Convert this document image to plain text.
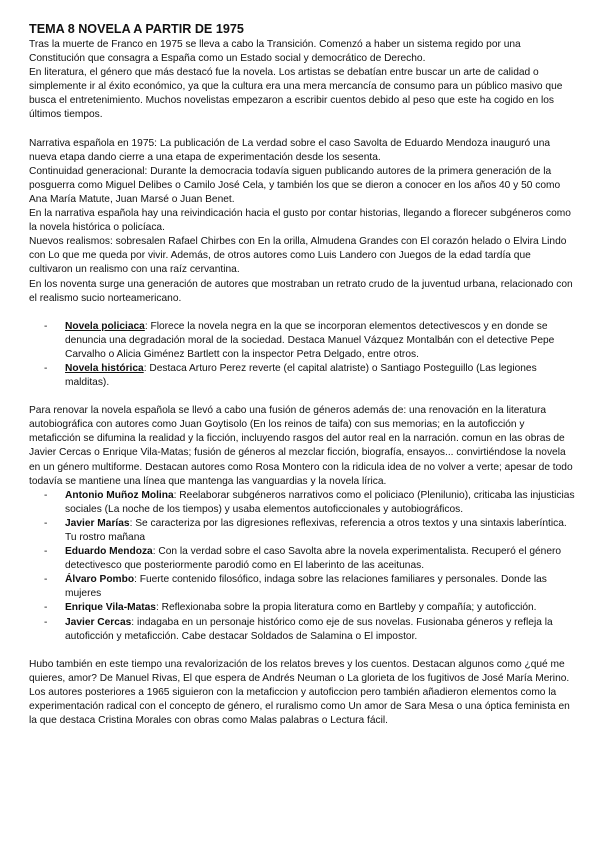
TEMA 8 NOVELA A PARTIR DE 1975

Tras la muerte de Franco en 1975 se lleva a cabo la Transición. Comenzó a haber un sistema regido por una Constitución que consagra a España como un Estado social y democrático de Derecho.

En literatura, el género que más destacó fue la novela. Los artistas se debatían entre buscar un arte de calidad o simplemente ir al éxito económico, ya que la cultura era una mera mercancía de consumo para un público masivo que busca el entretenimiento. Muchos novelistas empezaron a escribir cuentos debido al peso que este ha cogido en los últimos tiempos.

Narrativa española en 1975: La publicación de La verdad sobre el caso Savolta de Eduardo Mendoza inauguró una nueva etapa dando cierre a una etapa de experimentación desde los sesenta.

Continuidad generacional: Durante la democracia todavía siguen publicando autores de la primera generación de la posguerra como Miguel Delibes o Camilo José Cela, y también los que se dieron a conocer en los años 40 y 50 como Ana María Matute, Juan Marsé o Juan Benet.

En la narrativa española hay una reivindicación hacia el gusto por contar historias, llegando a florecer subgéneros como la novela histórica o policíaca.

Nuevos realismos: sobresalen Rafael Chirbes con En la orilla, Almudena Grandes con El corazón helado o Elvira Lindo con Lo que me queda por vivir. Además, de otros autores como Luis Landero con Juegos de la edad tardía que cultivaron un realismo con una raíz cervantina.

En los noventa surge una generación de autores que mostraban un retrato crudo de la juventud urbana, relacionado con el realismo sucio norteamericano.

- Novela policiaca: Florece la novela negra en la que se incorporan elementos detectivescos y en donde se denuncia una degradación moral de la sociedad. Destaca Manuel Vázquez Montalbán con el detective Pepe Carvalho o Alicia Giménez Bartlett con la inspector Petra Delgado, entre otros.
- Novela histórica: Destaca Arturo Perez reverte (el capital alatriste) o Santiago Posteguillo (Las legiones malditas).

Para renovar la novela española se llevó a cabo una fusión de géneros además de: una renovación en la literatura autobiográfica con autores como Juan Goytisolo (En los reinos de taifa) con sus memorias; en la autoficción y metaficción se difumina la realidad y la ficción, incluyendo rasgos del autor real en la narración. comun en las obras de Javier Cercas o Enrique Vila-Matas; fusión de géneros al mezclar ficción, biografía, ensayos... convirtiéndose la novela en un género multiforme. Destacan autores como Rosa Montero con la ridicula idea de no volver a verte; apesar de todo todavía se mantiene una línea que mantenga las vanguardias y la novela lírica.

- Antonio Muñoz Molina: Reelaborar subgéneros narrativos como el policiaco (Plenilunio), criticaba las injusticias sociales (La noche de los tiempos) y usaba elementos autoficcionales y autobiográficos.
- Javier Marías: Se caracteriza por las digresiones reflexivas, referencia a otros textos y una sintaxis laberíntica. Tu rostro mañana
- Eduardo Mendoza: Con la verdad sobre el caso Savolta abre la novela experimentalista. Recuperó el género detectivesco que posteriormente parodió como en El laberinto de las aceitunas.
- Álvaro Pombo: Fuerte contenido filosófico, indaga sobre las relaciones familiares y personales. Donde las mujeres
- Enrique Vila-Matas: Reflexionaba sobre la propia literatura como en Bartleby y compañía; y autoficción.
- Javier Cercas: indagaba en un personaje histórico como eje de sus novelas. Fusionaba géneros y refleja la autoficción y metaficción. Cabe destacar Soldados de Salamina o El impostor.

Hubo también en este tiempo una revalorización de los relatos breves y los cuentos. Destacan algunos como ¿qué me quieres, amor? De Manuel Rivas, El que espera de Andrés Neuman o La glorieta de los fugitivos de José María Merino. Los autores posteriores a 1965 siguieron con la metaficcion y autoficcion pero también añadieron elementos como la experimentación radical con el concepto de género, el ruralismo como Un amor de Sara Mesa o una óptica feminista en la que destaca Cristina Morales con obras como Malas palabras o Lectura fácil.
